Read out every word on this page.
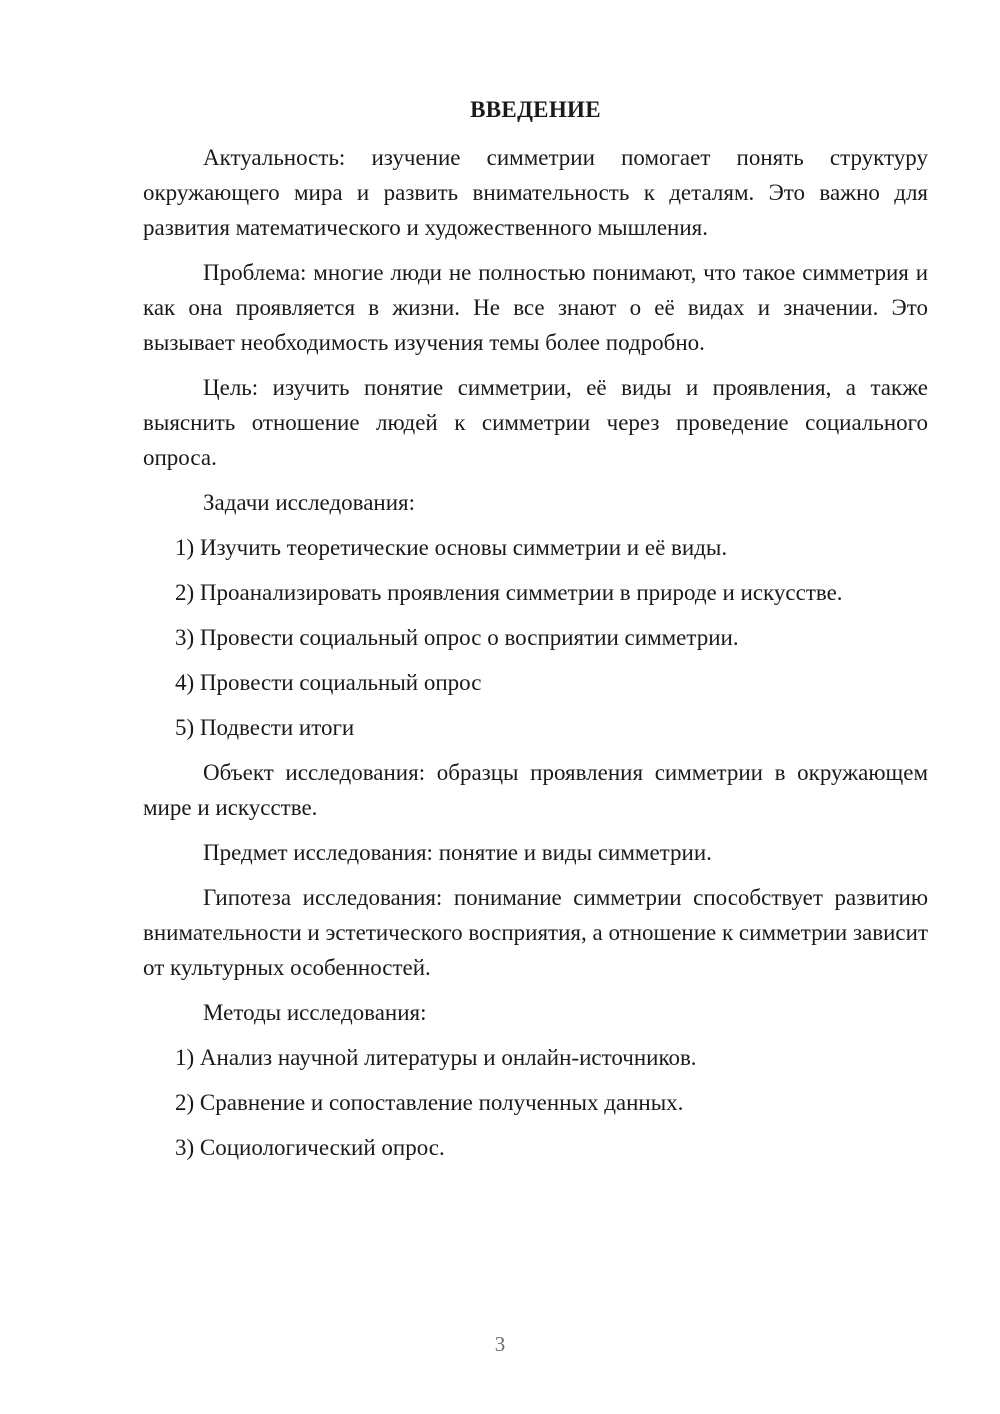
ВВЕДЕНИЕ

Актуальность: изучение симметрии помогает понять структуру окружающего мира и развить внимательность к деталям. Это важно для развития математического и художественного мышления.

Проблема: многие люди не полностью понимают, что такое симметрия и как она проявляется в жизни. Не все знают о её видах и значении. Это вызывает необходимость изучения темы более подробно.

Цель: изучить понятие симметрии, её виды и проявления, а также выяснить отношение людей к симметрии через проведение социального опроса.

Задачи исследования:

1) Изучить теоретические основы симметрии и её виды.
2) Проанализировать проявления симметрии в природе и искусстве.
3) Провести социальный опрос о восприятии симметрии.
4) Провести социальный опрос
5) Подвести итоги

Объект исследования: образцы проявления симметрии в окружающем мире и искусстве.

Предмет исследования: понятие и виды симметрии.

Гипотеза исследования: понимание симметрии способствует развитию внимательности и эстетического восприятия, а отношение к симметрии зависит от культурных особенностей.

Методы исследования:

1) Анализ научной литературы и онлайн-источников.
2) Сравнение и сопоставление полученных данных.
3) Социологический опрос.
3
